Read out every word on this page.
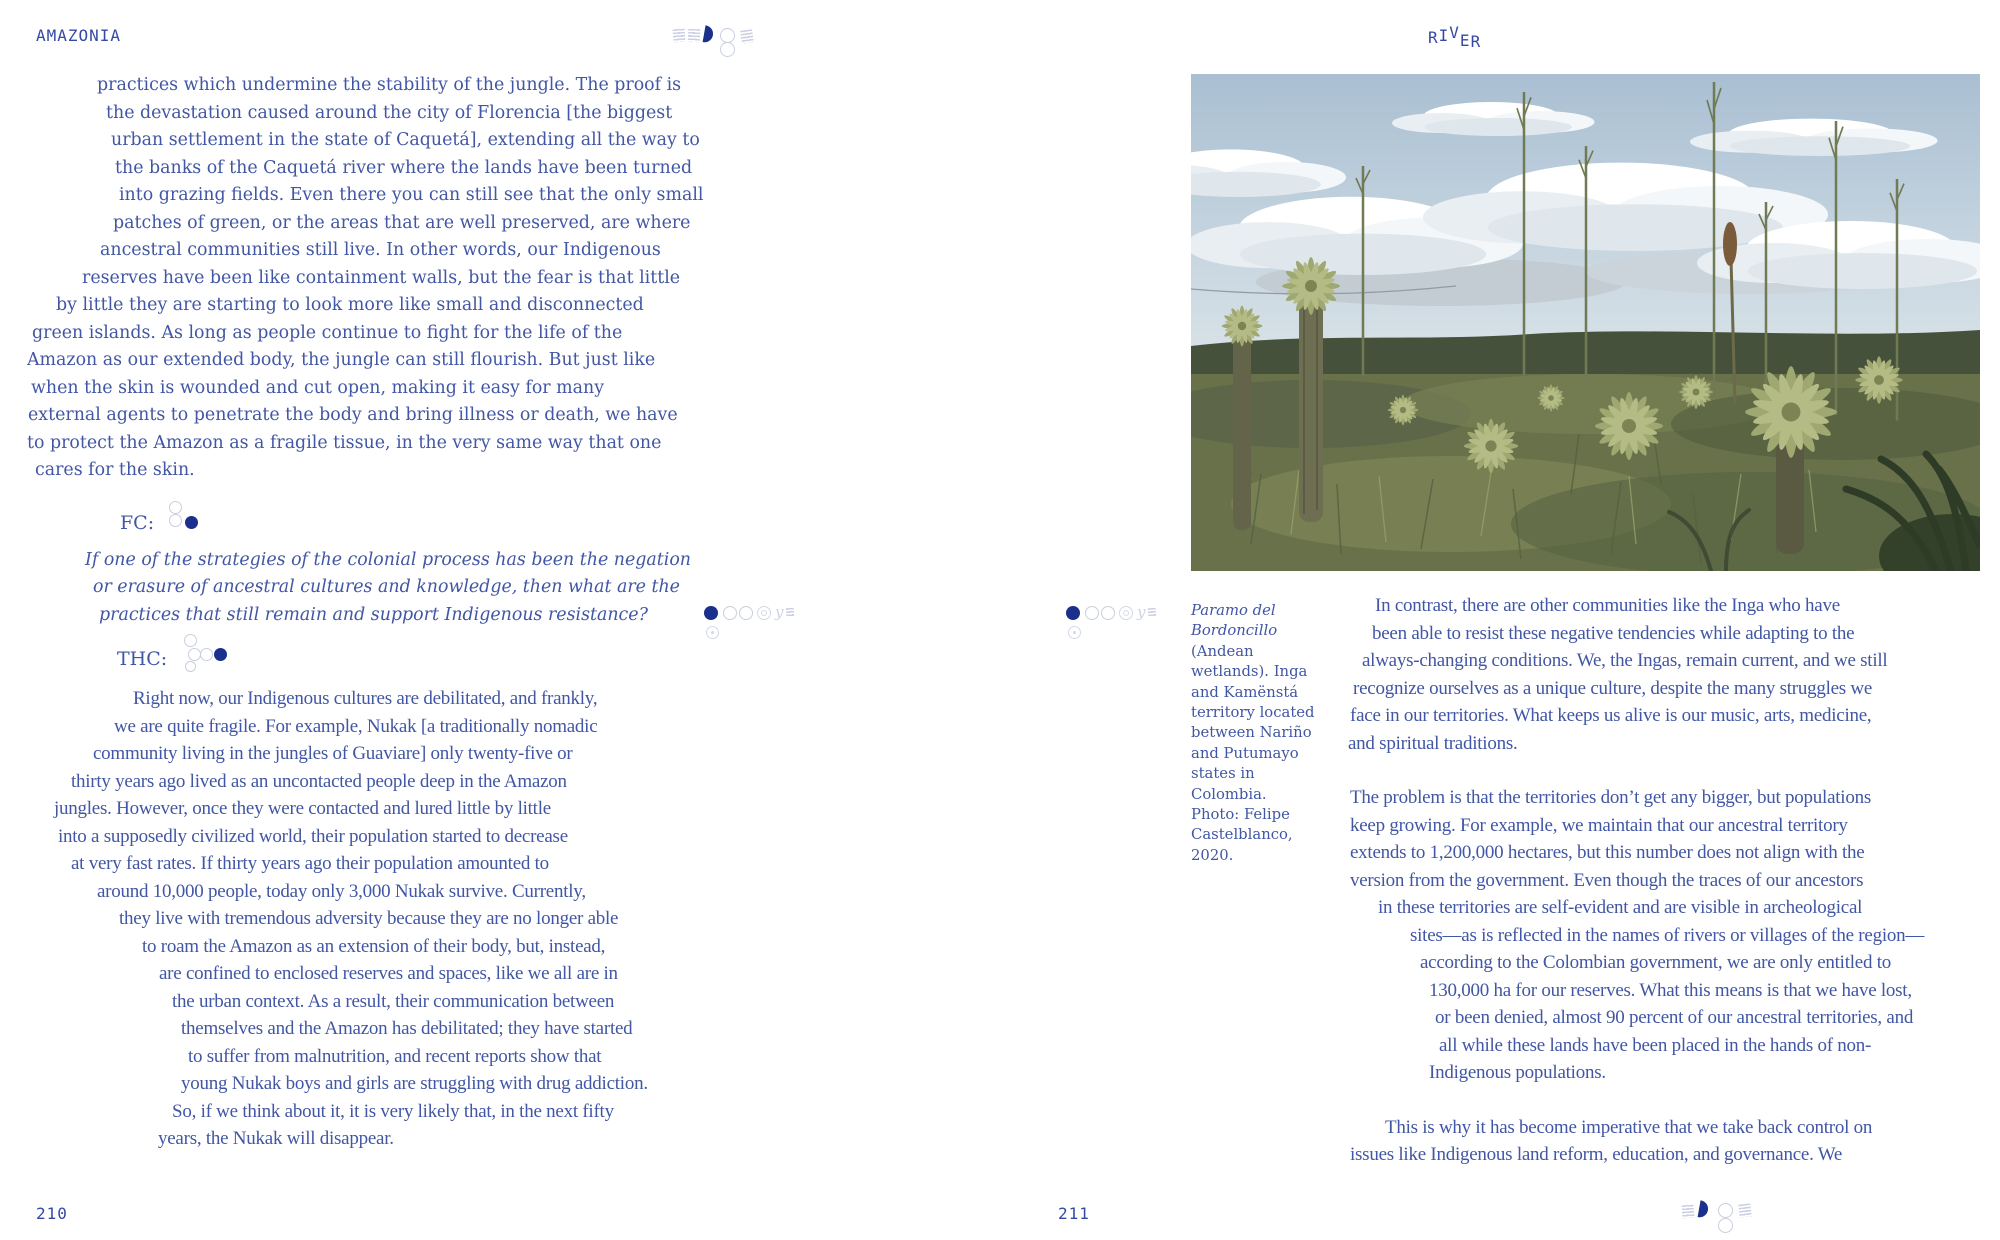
AMAZONIA	RIVER
practices which undermine the stability of the jungle. The proof is
the devastation caused around the city of Florencia [the biggest
urban settlement in the state of Caquetá], extending all the way to
the banks of the Caquetá river where the lands have been turned
into grazing fields. Even there you can still see that the only small
patches of green, or the areas that are well preserved, are where
ancestral communities still live. In other words, our Indigenous
reserves have been like containment walls, but the fear is that little
by little they are starting to look more like small and disconnected
green islands. As long as people continue to fight for the life of the
Amazon as our extended body, the jungle can still flourish. But just like
when the skin is wounded and cut open, making it easy for many
external agents to penetrate the body and bring illness or death, we have
to protect the Amazon as a fragile tissue, in the very same way that one
cares for the skin.
FC:
If one of the strategies of the colonial process has been the negation
or erasure of ancestral cultures and knowledge, then what are the
practices that still remain and support Indigenous resistance?
THC:
Right now, our Indigenous cultures are debilitated, and frankly,
we are quite fragile. For example, Nukak [a traditionally nomadic
community living in the jungles of Guaviare] only twenty-five or
thirty years ago lived as an uncontacted people deep in the Amazon
jungles. However, once they were contacted and lured little by little
into a supposedly civilized world, their population started to decrease
at very fast rates. If thirty years ago their population amounted to
around 10,000 people, today only 3,000 Nukak survive. Currently,
they live with tremendous adversity because they are no longer able
to roam the Amazon as an extension of their body, but, instead,
are confined to enclosed reserves and spaces, like we all are in
the urban context. As a result, their communication between
themselves and the Amazon has debilitated; they have started
to suffer from malnutrition, and recent reports show that
young Nukak boys and girls are struggling with drug addiction.
So, if we think about it, it is very likely that, in the next fifty
years, the Nukak will disappear.
y	y	Paramo del
Bordoncillo
(Andean
wetlands). Inga
and Kamënstá
territory located
between Nariño
and Putumayo
states in
Colombia.
Photo: Felipe
Castelblanco,
2020.
In contrast, there are other communities like the Inga who have
been able to resist these negative tendencies while adapting to the
always-changing conditions. We, the Ingas, remain current, and we still
recognize ourselves as a unique culture, despite the many struggles we
face in our territories. What keeps us alive is our music, arts, medicine,
and spiritual traditions.
The problem is that the territories don’t get any bigger, but populations
keep growing. For example, we maintain that our ancestral territory
extends to 1,200,000 hectares, but this number does not align with the
version from the government. Even though the traces of our ancestors
in these territories are self-evident and are visible in archeological
sites—as is reflected in the names of rivers or villages of the region—
according to the Colombian government, we are only entitled to
130,000 ha for our reserves. What this means is that we have lost,
or been denied, almost 90 percent of our ancestral territories, and
all while these lands have been placed in the hands of non-
Indigenous populations.
This is why it has become imperative that we take back control on
issues like Indigenous land reform, education, and governance. We
210	211
